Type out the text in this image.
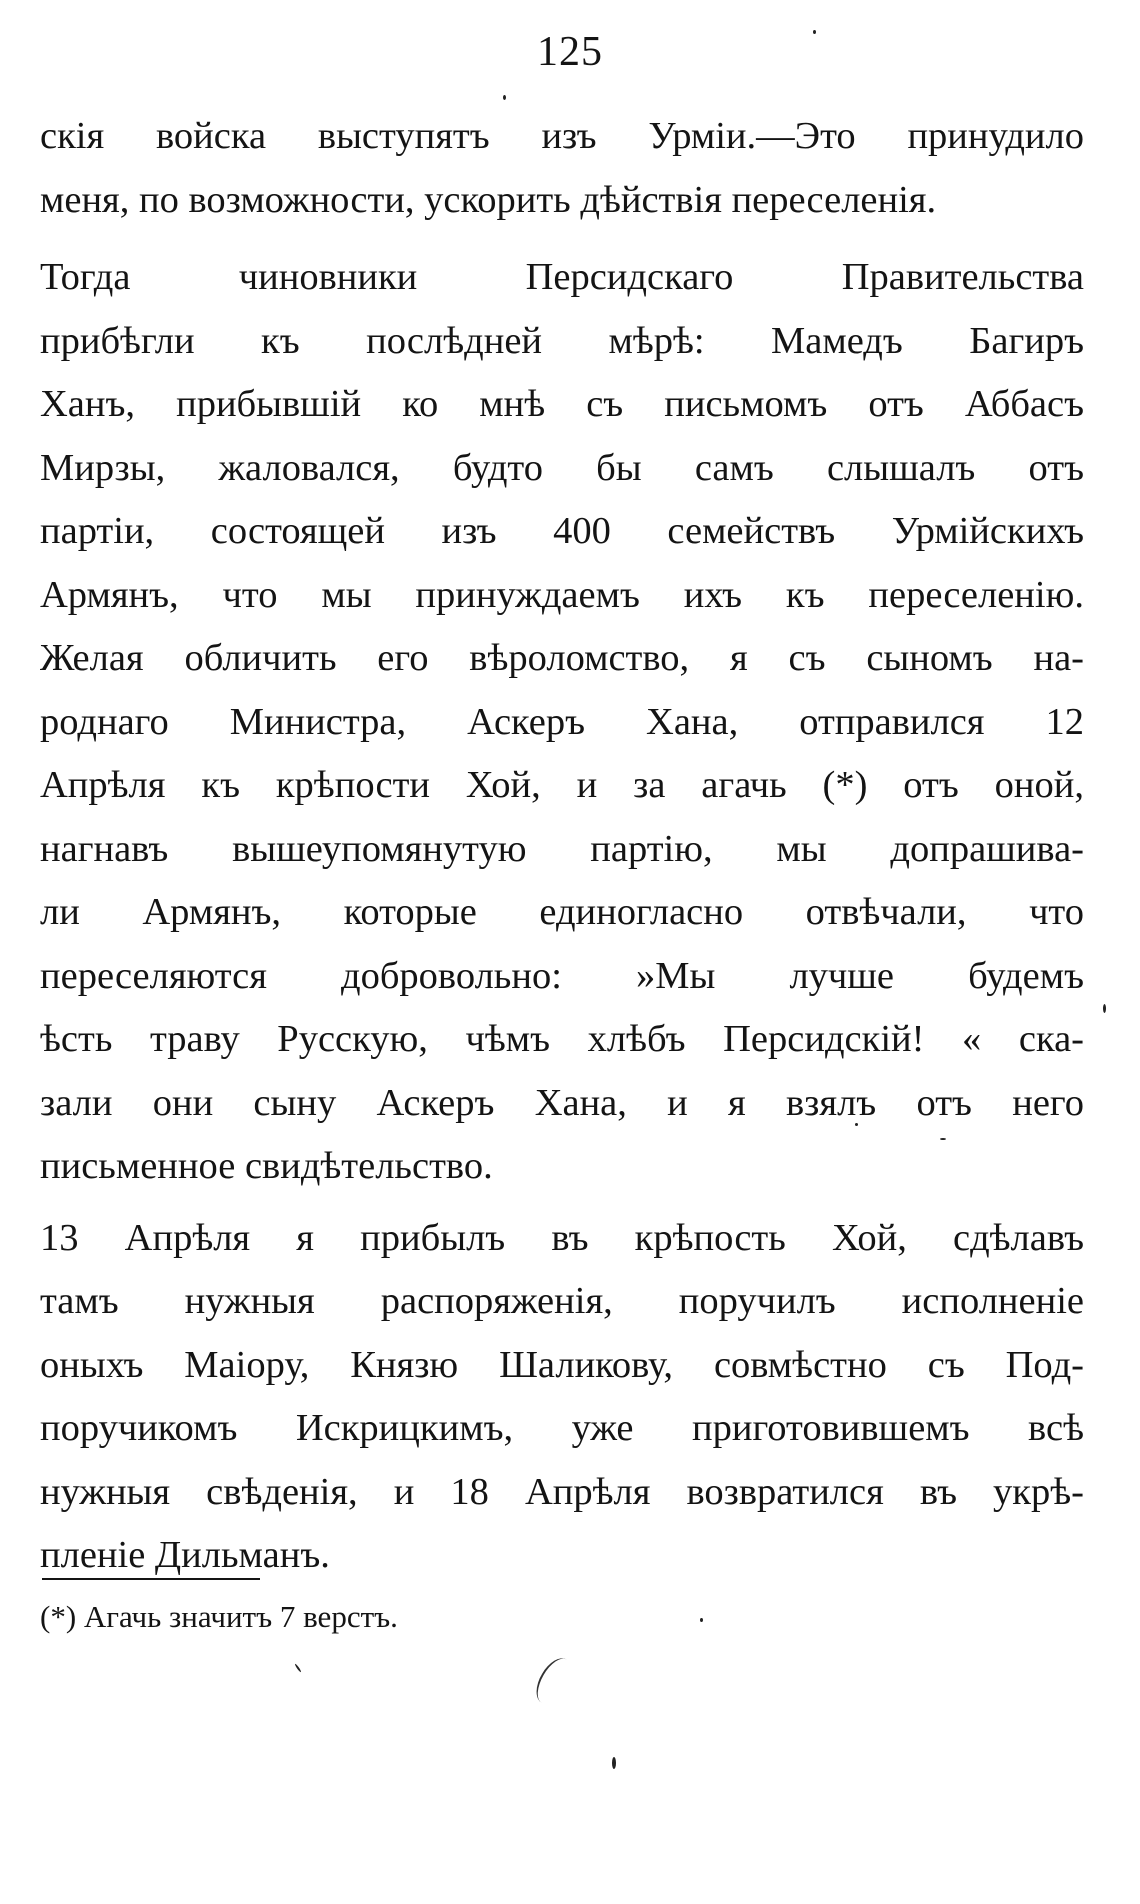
125
скія войска выступятъ изъ Урміи.—Это принудило
меня, по возможности, ускорить дѣйствія переселенія.
Тогда чиновники Персидскаго Правительства
прибѣгли къ послѣдней мѣрѣ: Мамедъ Багиръ
Ханъ, прибывшій ко мнѣ съ письмомъ отъ Аббасъ
Мирзы, жаловался, будто бы самъ слышалъ отъ
партіи, состоящей изъ 400 семействъ Урмійскихъ
Армянъ, что мы принуждаемъ ихъ къ переселенію.
Желая обличить его вѣроломство, я съ сыномъ на-
роднаго Министра, Аскеръ Хана, отправился 12
Апрѣля къ крѣпости Хой, и за агачь (*) отъ оной,
нагнавъ вышеупомянутую партію, мы допрашива-
ли Армянъ, которые единогласно отвѣчали, что
переселяются добровольно: »Мы лучше будемъ
ѣсть траву Русскую, чѣмъ хлѣбъ Персидскій! « ска-
зали они сыну Аскеръ Хана, и я взялъ отъ него
письменное свидѣтельство.
13 Апрѣля я прибылъ въ крѣпость Хой, сдѣлавъ
тамъ нужныя распоряженія, поручилъ исполненіе
оныхъ Маіору, Князю Шаликову, совмѣстно съ Под-
поручикомъ Искрицкимъ, уже приготовившемъ всѣ
нужныя свѣденія, и 18 Апрѣля возвратился въ укрѣ-
пленіе Дильманъ.
(*) Агачь значитъ 7 верстъ.
